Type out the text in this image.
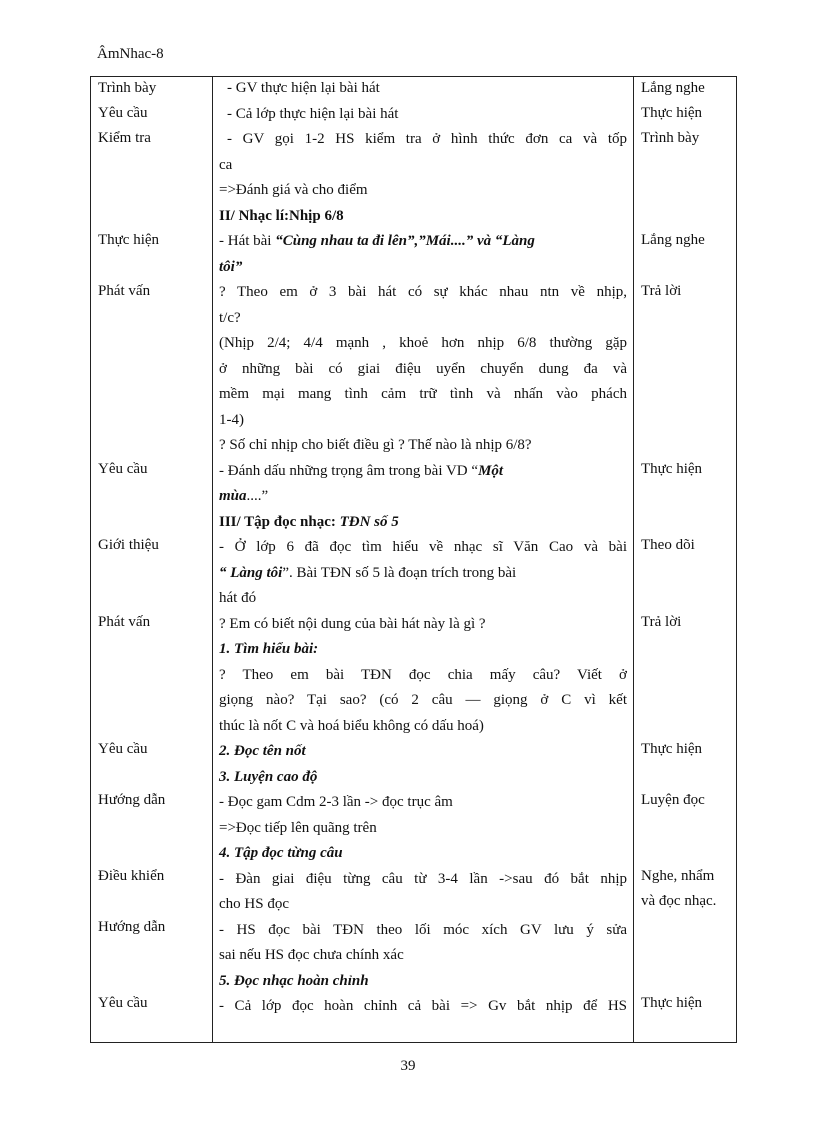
ÂmNhac-8
Trình bày
Yêu cầu
Kiểm tra
Thực hiện
Phát vấn
Yêu cầu
Giới thiệu
Phát vấn
Yêu cầu
Hướng dẫn
Điều khiển
Hướng dẫn
Yêu cầu
Lắng nghe
Thực hiện
Trình bày
Lắng nghe
Trả lời
Thực hiện
Theo dõi
Trả lời
Thực hiện
Luyện đọc
Nghe, nhẩm
và đọc nhạc.
Thực hiện
- GV thực hiện lại bài hát
- Cả lớp thực hiện lại bài hát
- GV gọi 1-2 HS kiểm tra ở hình thức đơn ca và tốp
ca
=>Đánh giá và cho điểm
II/ Nhạc lí:Nhịp 6/8
- Hát bài “Cùng nhau ta đi lên”,”Mái....” và “Làng
tôi”
? Theo em ở 3 bài hát có sự khác nhau ntn về nhịp,
t/c?
(Nhịp 2/4; 4/4 mạnh , khoẻ hơn nhịp 6/8 thường gặp
ở những bài có giai điệu uyển chuyển dung đa và
mềm mại mang tình cảm trữ tình và nhấn vào phách
1-4)
? Số chỉ nhịp cho biết điều gì ? Thế nào là nhịp 6/8?
- Đánh dấu những trọng âm trong bài VD “Một
mùa....”
III/ Tập đọc nhạc: TĐN số 5
- Ở lớp 6 đã đọc tìm hiểu về nhạc sĩ Văn Cao và bài
“ Làng tôi”. Bài TĐN số 5 là đoạn trích trong bài
hát đó
? Em có biết nội dung của bài hát này là gì ?
1. Tìm hiểu bài:
? Theo em bài TĐN đọc chia mấy câu? Viết ở
giọng nào? Tại sao? (có 2 câu — giọng ở C vì kết
thúc là nốt C và hoá biểu không có dấu hoá)
2. Đọc tên nốt
3. Luyện cao độ
- Đọc gam Cdm 2-3 lần -> đọc trục âm
=>Đọc tiếp lên quãng trên
4. Tập đọc từng câu
- Đàn giai điệu từng câu từ 3-4 lần ->sau đó bắt nhịp
cho HS đọc
- HS đọc bài TĐN theo lối móc xích GV lưu ý sửa
sai nếu HS đọc chưa chính xác
5. Đọc nhạc hoàn chỉnh
- Cả lớp đọc hoàn chỉnh cả bài => Gv bắt nhịp để HS
39
